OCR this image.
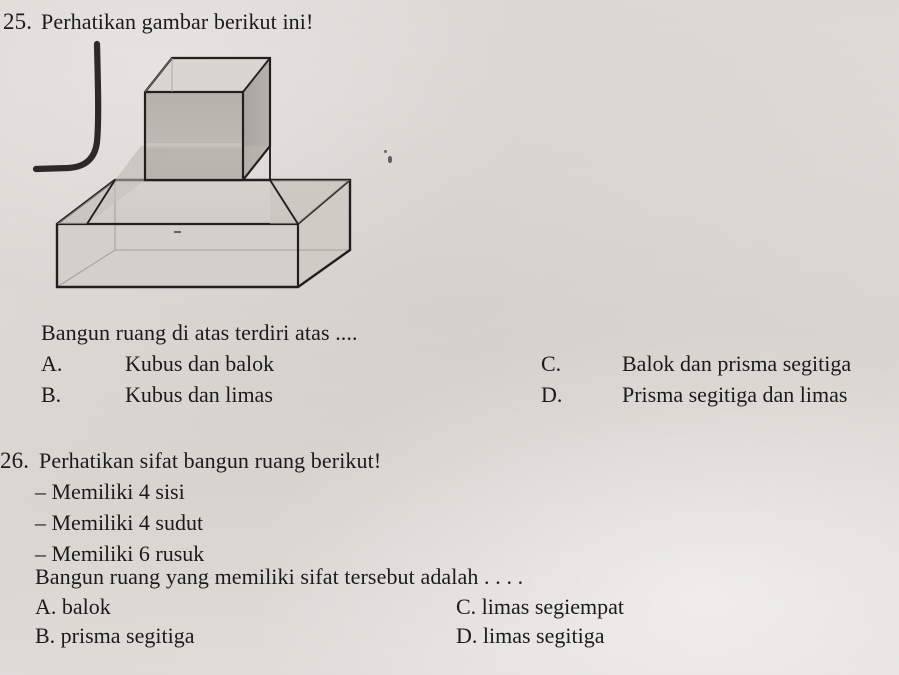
25. Perhatikan gambar berikut ini!
Bangun ruang di atas terdiri atas ....
A.	Kubus dan balok
B.	Kubus dan limas
C.	Balok dan prisma segitiga
D.	Prisma segitiga dan limas
26. Perhatikan sifat bangun ruang berikut!
– Memiliki 4 sisi
– Memiliki 4 sudut
– Memiliki 6 rusuk
Bangun ruang yang memiliki sifat tersebut adalah . . . .
A. balok
B. prisma segitiga
C. limas segiempat
D. limas segitiga
